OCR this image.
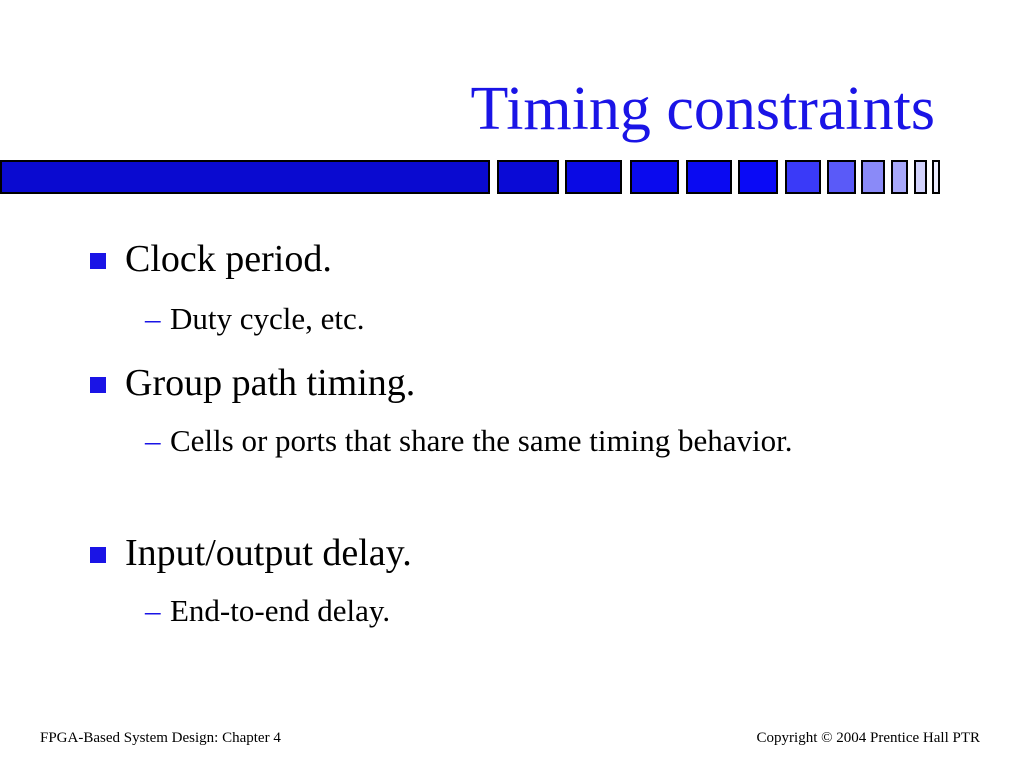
Timing constraints
Clock period.
– Duty cycle, etc.
Group path timing.
– Cells or ports that share the same timing behavior.
Input/output delay.
– End-to-end delay.
FPGA-Based System Design: Chapter 4	Copyright © 2004 Prentice Hall PTR
